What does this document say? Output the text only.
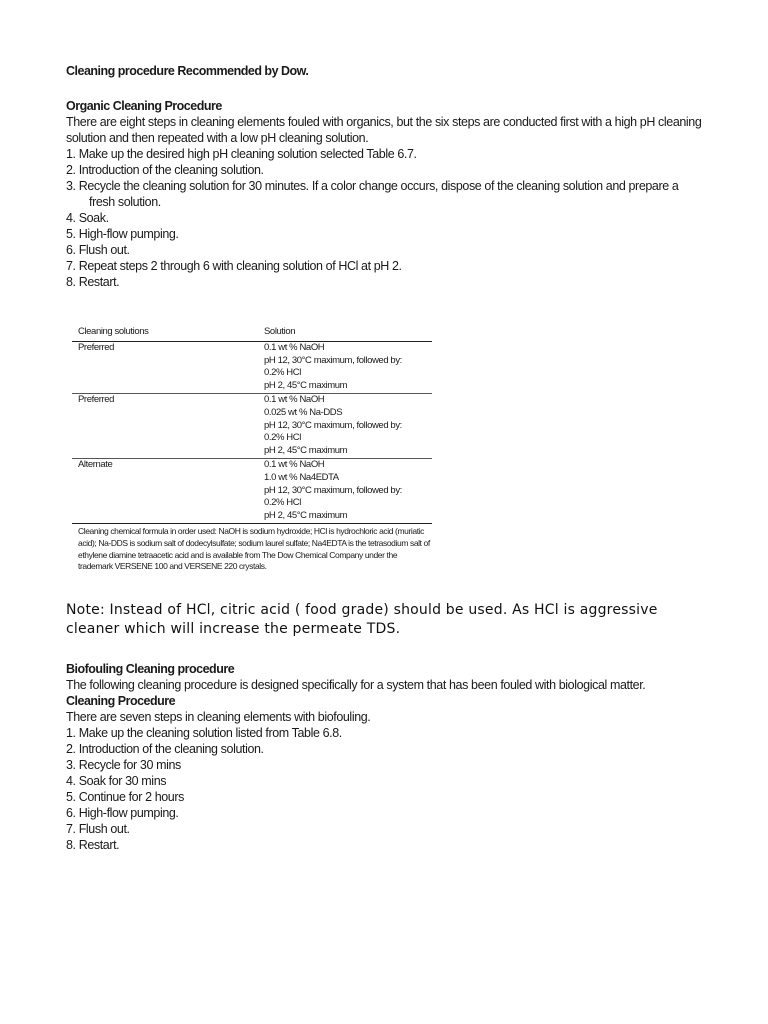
Cleaning procedure Recommended by Dow.
Organic Cleaning Procedure

There are eight steps in cleaning elements fouled with organics, but the six steps are conducted first with a high pH cleaning solution and then repeated with a low pH cleaning solution.

1. Make up the desired high pH cleaning solution selected Table 6.7.
2. Introduction of the cleaning solution.
3. Recycle the cleaning solution for 30 minutes. If a color change occurs, dispose of the cleaning solution and prepare a fresh solution.
4. Soak.
5. High-flow pumping.
6. Flush out.
7. Repeat steps 2 through 6 with cleaning solution of HCl at pH 2.
8. Restart.
Cleaning solutions	Solution
Preferred	0.1 wt % NaOH
pH 12, 30°C maximum, followed by:
0.2% HCl
pH 2, 45°C maximum

Preferred	0.1 wt % NaOH
0.025 wt % Na-DDS
pH 12, 30°C maximum, followed by:
0.2% HCl
pH 2, 45°C maximum

Alternate	0.1 wt % NaOH
1.0 wt % Na4EDTA
pH 12, 30°C maximum, followed by:
0.2% HCl
pH 2, 45°C maximum
Cleaning chemical formula in order used: NaOH is sodium hydroxide; HCl is hydrochloric acid (muriatic acid); Na-DDS is sodium salt of dodecylsulfate; sodium laurel sulfate; Na4EDTA is the tetrasodium salt of ethylene diamine tetraacetic acid and is available from The Dow Chemical Company under the trademark VERSENE 100 and VERSENE 220 crystals.
Note: Instead of HCl, citric acid ( food grade) should be used. As HCl is aggressive cleaner which will increase the permeate TDS.
Biofouling Cleaning procedure

The following cleaning procedure is designed specifically for a system that has been fouled with biological matter.

Cleaning Procedure

There are seven steps in cleaning elements with biofouling.

1. Make up the cleaning solution listed from Table 6.8.
2. Introduction of the cleaning solution.
3. Recycle for 30 mins
4. Soak for 30 mins
5. Continue for 2 hours
6. High-flow pumping.
7. Flush out.
8. Restart.
